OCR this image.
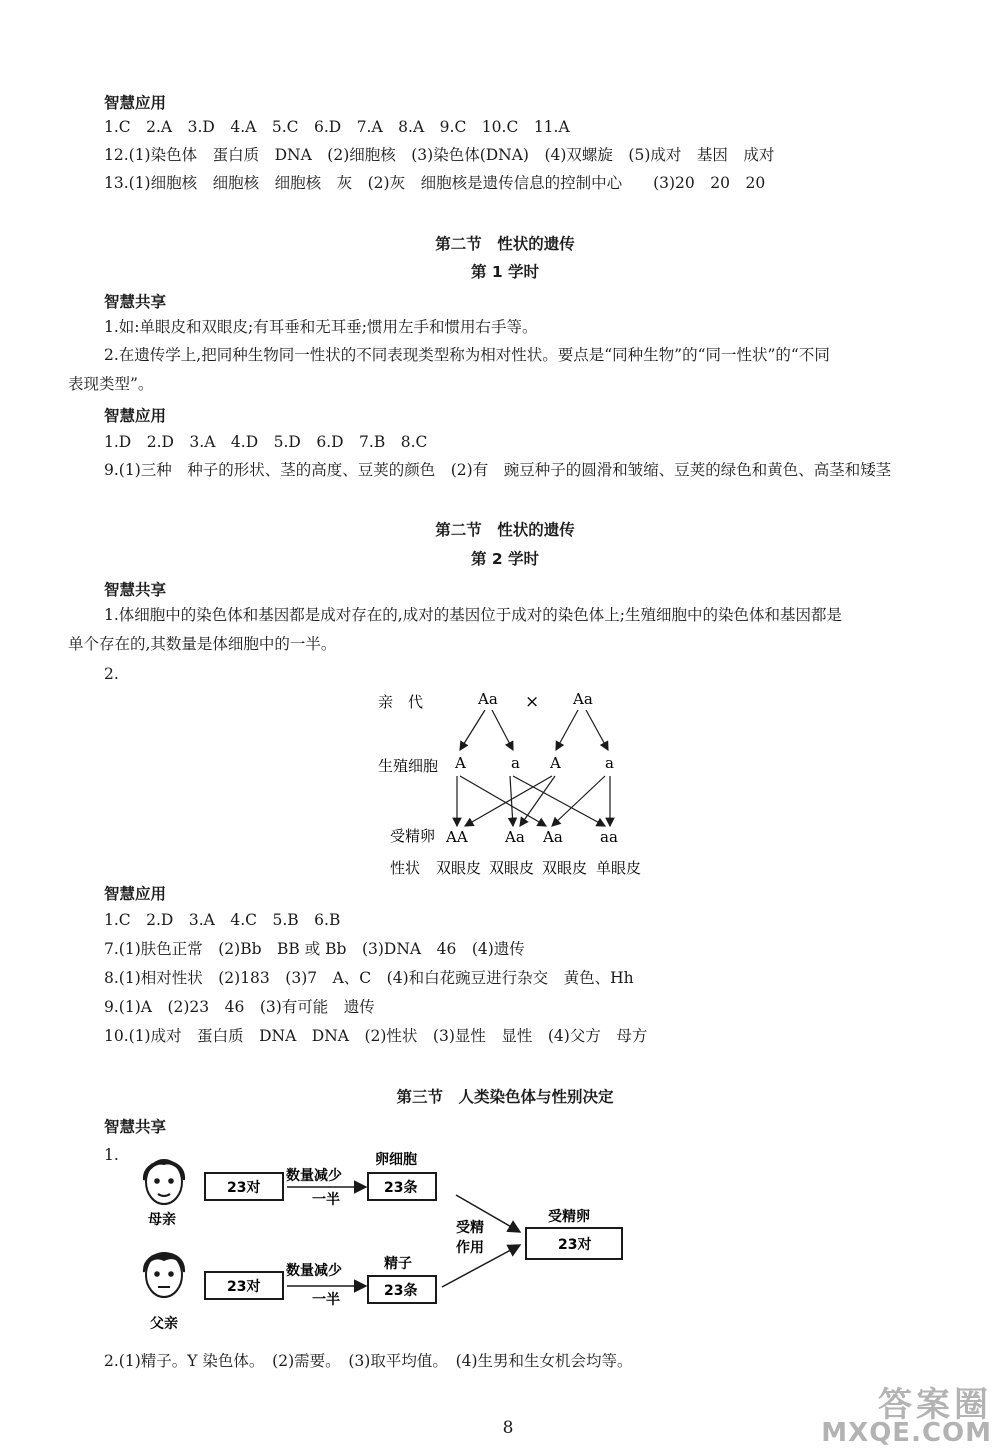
智慧应用
1.C　2.A　3.D　4.A　5.C　6.D　7.A　8.A　9.C　10.C　11.A
12.(1)染色体　蛋白质　DNA　(2)细胞核　(3)染色体(DNA)　(4)双螺旋　(5)成对　基因　成对
13.(1)细胞核　细胞核　细胞核　灰　(2)灰　细胞核是遗传信息的控制中心　　(3)20　20　20
第二节　性状的遗传
第 1 学时
智慧共享
1.如:单眼皮和双眼皮;有耳垂和无耳垂;惯用左手和惯用右手等。
2.在遗传学上,把同种生物同一性状的不同表现类型称为相对性状。要点是“同种生物”的“同一性状”的“不同
表现类型”。
智慧应用
1.D　2.D　3.A　4.D　5.D　6.D　7.B　8.C
9.(1)三种　种子的形状、茎的高度、豆荚的颜色　(2)有　豌豆种子的圆滑和皱缩、豆荚的绿色和黄色、高茎和矮茎
第二节　性状的遗传
第 2 学时
智慧共享
1.体细胞中的染色体和基因都是成对存在的,成对的基因位于成对的染色体上;生殖细胞中的染色体和基因都是
单个存在的,其数量是体细胞中的一半。
2.
亲　代	Aa × Aa
生殖细胞 A	a A	a
受精卵 AA Aa Aa aa
性状 双眼皮 双眼皮 双眼皮 单眼皮
智慧应用
1.C　2.D　3.A　4.C　5.B　6.B
7.(1)肤色正常　(2)Bb　BB 或 Bb　(3)DNA　46　(4)遗传
8.(1)相对性状　(2)183　(3)7　A、C　(4)和白花豌豆进行杂交　黄色、Hh
9.(1)A　(2)23　46　(3)有可能　遗传
10.(1)成对　蛋白质　DNA　DNA　(2)性状　(3)显性　显性　(4)父方　母方
第三节　人类染色体与性别决定
智慧共享
1.
母亲
父亲
23对
数量减少
一半
卵细胞
23条
23对
数量减少
一半
精子
23条
受精
作用
受精卵
23对
2.(1)精子。Y 染色体。　(2)需要。　(3)取平均值。　(4)生男和生女机会均等。
8
答案圈
MXQE.COM
